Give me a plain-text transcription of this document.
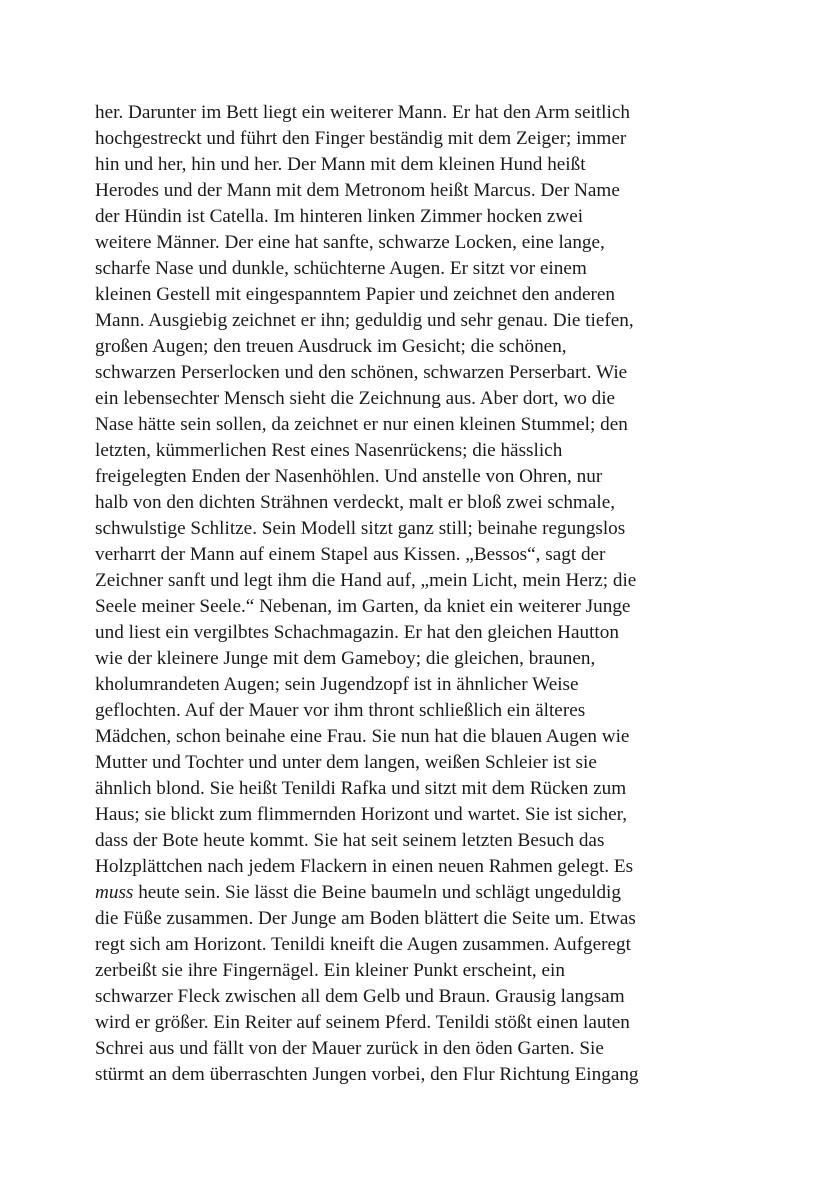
her. Darunter im Bett liegt ein weiterer Mann. Er hat den Arm seitlich
hochgestreckt und führt den Finger beständig mit dem Zeiger; immer
hin und her, hin und her. Der Mann mit dem kleinen Hund heißt
Herodes und der Mann mit dem Metronom heißt Marcus. Der Name
der Hündin ist Catella. Im hinteren linken Zimmer hocken zwei
weitere Männer. Der eine hat sanfte, schwarze Locken, eine lange,
scharfe Nase und dunkle, schüchterne Augen. Er sitzt vor einem
kleinen Gestell mit eingespanntem Papier und zeichnet den anderen
Mann. Ausgiebig zeichnet er ihn; geduldig und sehr genau. Die tiefen,
großen Augen; den treuen Ausdruck im Gesicht; die schönen,
schwarzen Perserlocken und den schönen, schwarzen Perserbart. Wie
ein lebensechter Mensch sieht die Zeichnung aus. Aber dort, wo die
Nase hätte sein sollen, da zeichnet er nur einen kleinen Stummel; den
letzten, kümmerlichen Rest eines Nasenrückens; die hässlich
freigelegten Enden der Nasenhöhlen. Und anstelle von Ohren, nur
halb von den dichten Strähnen verdeckt, malt er bloß zwei schmale,
schwulstige Schlitze. Sein Modell sitzt ganz still; beinahe regungslos
verharrt der Mann auf einem Stapel aus Kissen. „Bessos“, sagt der
Zeichner sanft und legt ihm die Hand auf, „mein Licht, mein Herz; die
Seele meiner Seele.“ Nebenan, im Garten, da kniet ein weiterer Junge
und liest ein vergilbtes Schachmagazin. Er hat den gleichen Hautton
wie der kleinere Junge mit dem Gameboy; die gleichen, braunen,
kholumrandeten Augen; sein Jugendzopf ist in ähnlicher Weise
geflochten. Auf der Mauer vor ihm thront schließlich ein älteres
Mädchen, schon beinahe eine Frau. Sie nun hat die blauen Augen wie
Mutter und Tochter und unter dem langen, weißen Schleier ist sie
ähnlich blond. Sie heißt Tenildi Rafka und sitzt mit dem Rücken zum
Haus; sie blickt zum flimmernden Horizont und wartet. Sie ist sicher,
dass der Bote heute kommt. Sie hat seit seinem letzten Besuch das
Holzplättchen nach jedem Flackern in einen neuen Rahmen gelegt. Es
muss heute sein. Sie lässt die Beine baumeln und schlägt ungeduldig
die Füße zusammen. Der Junge am Boden blättert die Seite um. Etwas
regt sich am Horizont. Tenildi kneift die Augen zusammen. Aufgeregt
zerbeißt sie ihre Fingernägel. Ein kleiner Punkt erscheint, ein
schwarzer Fleck zwischen all dem Gelb und Braun. Grausig langsam
wird er größer. Ein Reiter auf seinem Pferd. Tenildi stößt einen lauten
Schrei aus und fällt von der Mauer zurück in den öden Garten. Sie
stürmt an dem überraschten Jungen vorbei, den Flur Richtung Eingang
